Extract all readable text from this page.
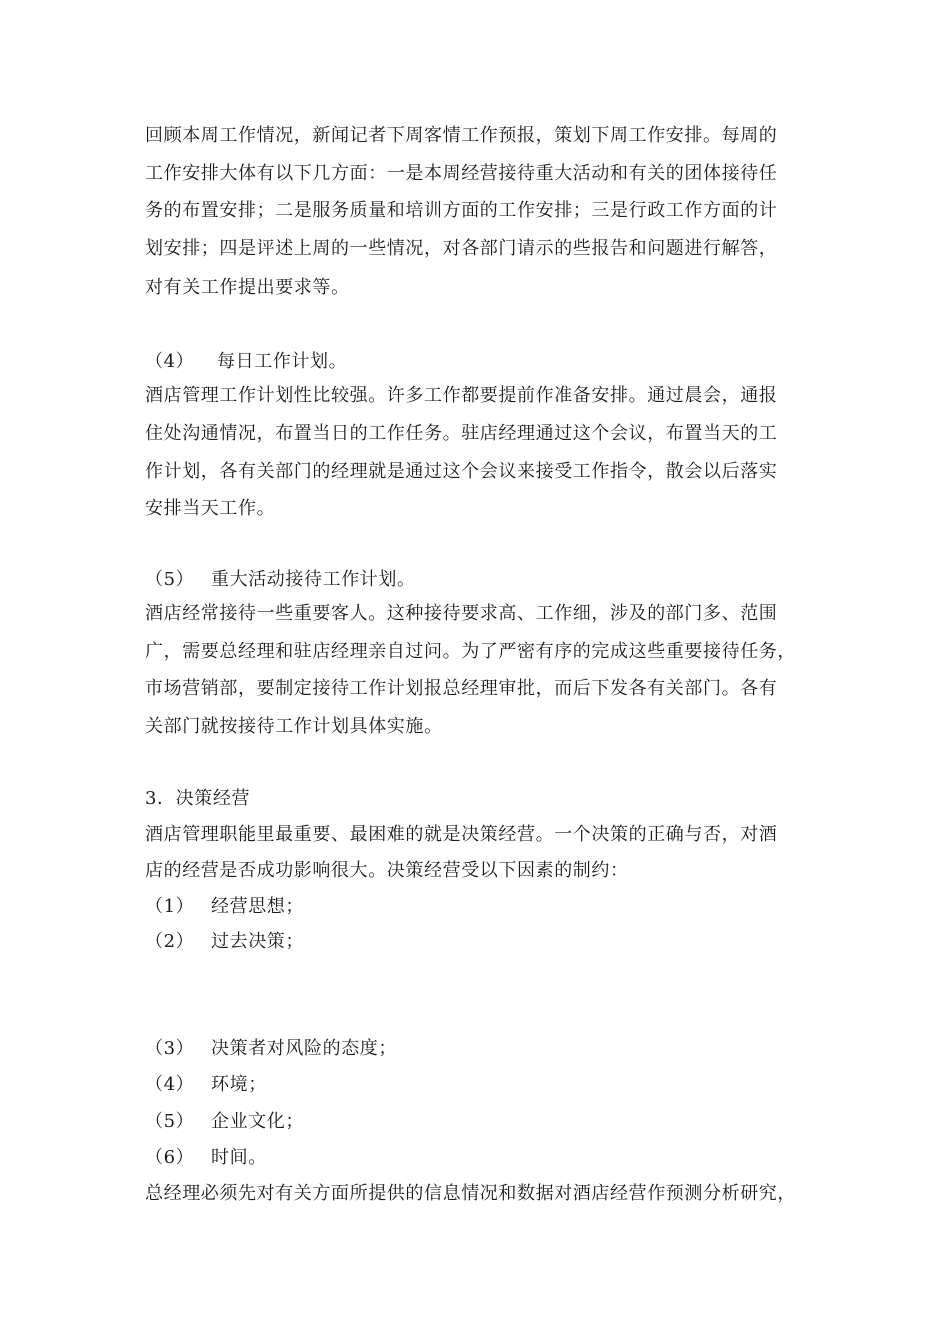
回顾本周工作情况，新闻记者下周客情工作预报，策划下周工作安排。每周的
工作安排大体有以下几方面：一是本周经营接待重大活动和有关的团体接待任
务的布置安排；二是服务质量和培训方面的工作安排；三是行政工作方面的计
划安排；四是评述上周的一些情况，对各部门请示的些报告和问题进行解答，
对有关工作提出要求等。
（4） 每日工作计划。
酒店管理工作计划性比较强。许多工作都要提前作准备安排。通过晨会，通报
住处沟通情况，布置当日的工作任务。驻店经理通过这个会议，布置当天的工
作计划，各有关部门的经理就是通过这个会议来接受工作指令，散会以后落实
安排当天工作。
（5） 重大活动接待工作计划。
酒店经常接待一些重要客人。这种接待要求高、工作细，涉及的部门多、范围
广，需要总经理和驻店经理亲自过问。为了严密有序的完成这些重要接待任务，
市场营销部，要制定接待工作计划报总经理审批，而后下发各有关部门。各有
关部门就按接待工作计划具体实施。
3．决策经营
酒店管理职能里最重要、最困难的就是决策经营。一个决策的正确与否，对酒
店的经营是否成功影响很大。决策经营受以下因素的制约：
（1） 经营思想；
（2） 过去决策；
（3） 决策者对风险的态度；
（4） 环境；
（5） 企业文化；
（6） 时间。
总经理必须先对有关方面所提供的信息情况和数据对酒店经营作预测分析研究，
